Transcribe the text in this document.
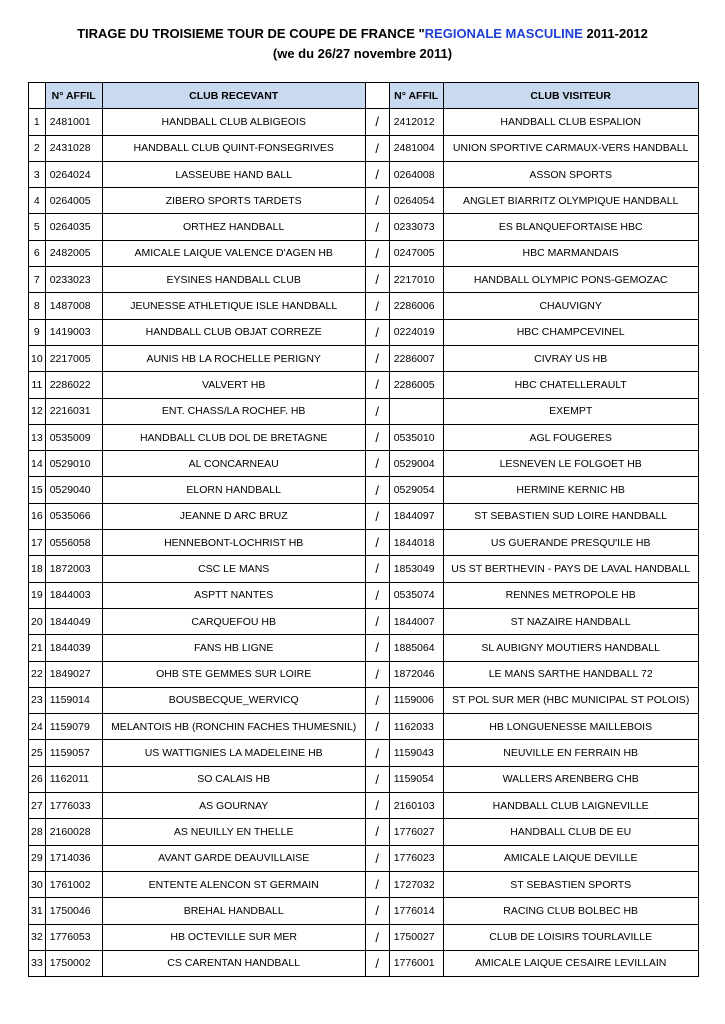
TIRAGE DU TROISIEME TOUR DE COUPE DE FRANCE "REGIONALE MASCULINE 2011-2012
(we du 26/27 novembre 2011)
	N° AFFIL	CLUB RECEVANT		N° AFFIL	CLUB VISITEUR
1	2481001	HANDBALL CLUB ALBIGEOIS	/	2412012	HANDBALL CLUB ESPALION
2	2431028	HANDBALL CLUB QUINT-FONSEGRIVES	/	2481004	UNION SPORTIVE CARMAUX-VERS HANDBALL
3	0264024	LASSEUBE HAND BALL	/	0264008	ASSON SPORTS
4	0264005	ZIBERO SPORTS TARDETS	/	0264054	ANGLET BIARRITZ OLYMPIQUE HANDBALL
5	0264035	ORTHEZ HANDBALL	/	0233073	ES BLANQUEFORTAISE HBC
6	2482005	AMICALE LAIQUE VALENCE D'AGEN HB	/	0247005	HBC MARMANDAIS
7	0233023	EYSINES HANDBALL CLUB	/	2217010	HANDBALL OLYMPIC PONS-GEMOZAC
8	1487008	JEUNESSE ATHLETIQUE ISLE HANDBALL	/	2286006	CHAUVIGNY
9	1419003	HANDBALL CLUB OBJAT CORREZE	/	0224019	HBC CHAMPCEVINEL
10	2217005	AUNIS HB LA ROCHELLE PERIGNY	/	2286007	CIVRAY US HB
11	2286022	VALVERT HB	/	2286005	HBC CHATELLERAULT
12	2216031	ENT. CHASS/LA ROCHEF. HB	/		EXEMPT
13	0535009	HANDBALL CLUB DOL DE BRETAGNE	/	0535010	AGL FOUGERES
14	0529010	AL CONCARNEAU	/	0529004	LESNEVEN LE FOLGOET HB
15	0529040	ELORN HANDBALL	/	0529054	HERMINE KERNIC HB
16	0535066	JEANNE D ARC BRUZ	/	1844097	ST SEBASTIEN SUD LOIRE HANDBALL
17	0556058	HENNEBONT-LOCHRIST HB	/	1844018	US GUERANDE PRESQU'ILE HB
18	1872003	CSC LE MANS	/	1853049	US ST BERTHEVIN - PAYS DE LAVAL HANDBALL
19	1844003	ASPTT NANTES	/	0535074	RENNES METROPOLE HB
20	1844049	CARQUEFOU HB	/	1844007	ST NAZAIRE HANDBALL
21	1844039	FANS HB LIGNE	/	1885064	SL AUBIGNY MOUTIERS HANDBALL
22	1849027	OHB STE GEMMES SUR LOIRE	/	1872046	LE MANS SARTHE HANDBALL 72
23	1159014	BOUSBECQUE_WERVICQ	/	1159006	ST POL SUR MER (HBC MUNICIPAL ST POLOIS)
24	1159079	MELANTOIS HB (RONCHIN FACHES THUMESNIL)	/	1162033	HB LONGUENESSE MAILLEBOIS
25	1159057	US WATTIGNIES LA MADELEINE HB	/	1159043	NEUVILLE EN FERRAIN HB
26	1162011	SO CALAIS HB	/	1159054	WALLERS ARENBERG CHB
27	1776033	AS GOURNAY	/	2160103	HANDBALL CLUB LAIGNEVILLE
28	2160028	AS NEUILLY EN THELLE	/	1776027	HANDBALL CLUB DE EU
29	1714036	AVANT GARDE DEAUVILLAISE	/	1776023	AMICALE LAIQUE DEVILLE
30	1761002	ENTENTE ALENCON ST GERMAIN	/	1727032	ST SEBASTIEN SPORTS
31	1750046	BREHAL HANDBALL	/	1776014	RACING CLUB BOLBEC HB
32	1776053	HB OCTEVILLE SUR MER	/	1750027	CLUB DE LOISIRS TOURLAVILLE
33	1750002	CS CARENTAN HANDBALL	/	1776001	AMICALE LAIQUE CESAIRE LEVILLAIN
